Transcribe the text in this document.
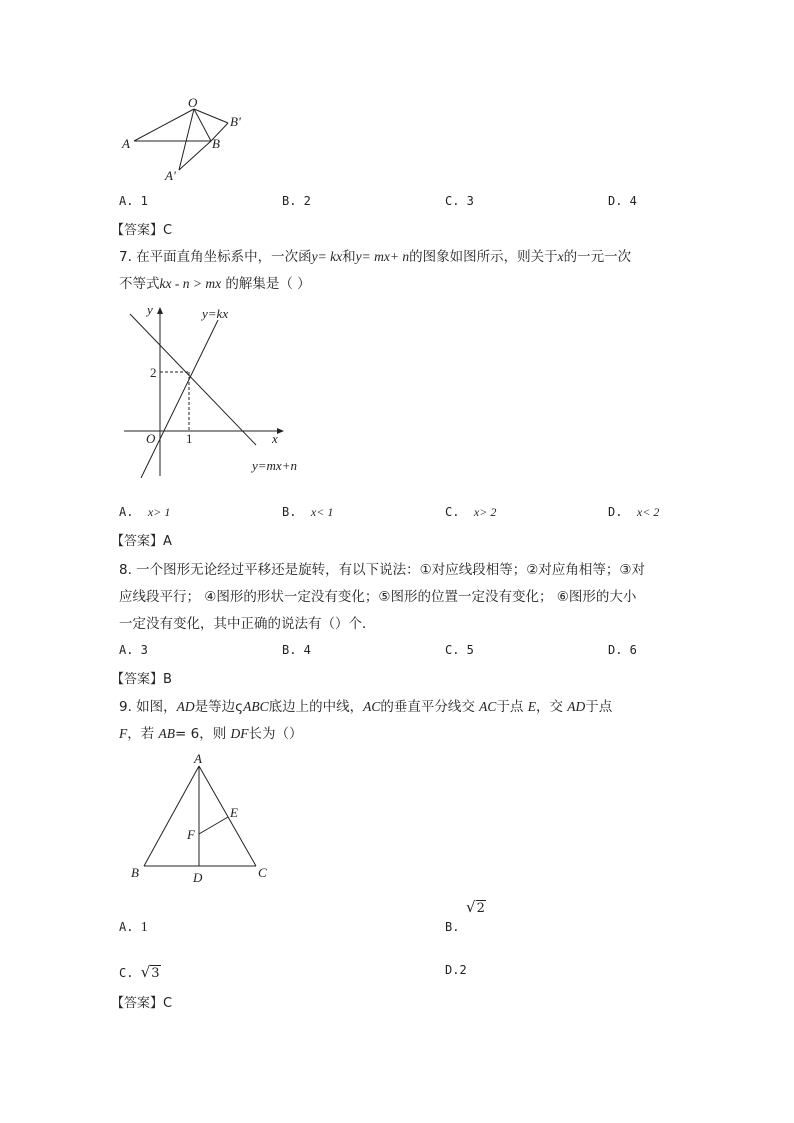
O
A	B
B'
A'
A. 1	B. 2	C. 3	D. 4
【答案】C
7. 在平面直角坐标系中，一次函y= kx和y= mx+ n的图象如图所示，则关于x的一元一次
不等式kx - n > mx 的解集是（ ）
y
x
O
2
1
y=kx
y=mx+n
A. x> 1	B. x< 1	C. x> 2	D. x< 2
【答案】A
8. 一个图形无论经过平移还是旋转，有以下说法：①对应线段相等；②对应角相等；③对
应线段平行； ④图形的形状一定没有变化；⑤图形的位置一定没有变化； ⑥图形的大小
一定没有变化，其中正确的说法有（）个．
A. 3	B. 4	C. 5	D. 6
【答案】B
9. 如图，AD是等边ςABC底边上的中线，AC的垂直平分线交 AC于点 E，交 AD于点
F，若 AB= 6，则 DF长为（）
A
B	C
D
E
F
A. 1	B.
√2
C. √3	D.2
【答案】C
